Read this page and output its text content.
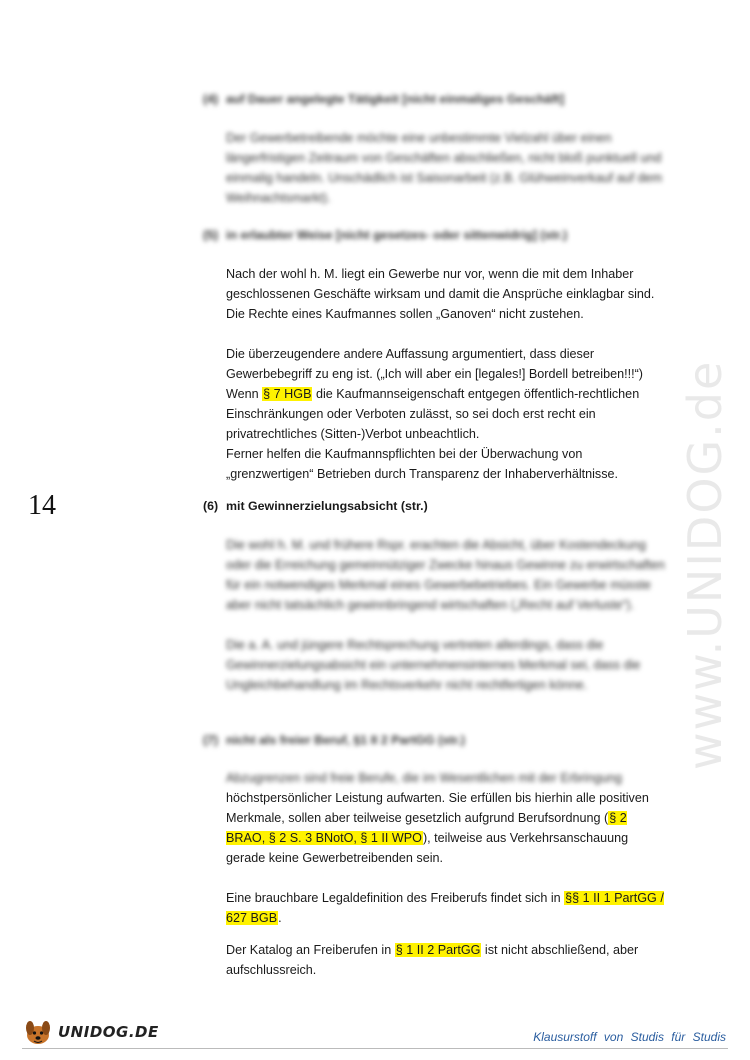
www.UNIDOG.de
14
(4) auf Dauer angelegte Tätigkeit [nicht einmaliges Geschäft]

Der Gewerbetreibende möchte eine unbestimmte Vielzahl über einen längerfristigen Zeitraum von Geschäften abschließen, nicht bloß punktuell und einmalig handeln. Unschädlich ist Saisonarbeit (z.B. Glühweinverkauf auf dem Weihnachtsmarkt).

(5) in erlaubter Weise [nicht gesetzes- oder sittenwidrig] (str.)

Nach der wohl h. M. liegt ein Gewerbe nur vor, wenn die mit dem Inhaber geschlossenen Geschäfte wirksam und damit die Ansprüche einklagbar sind. Die Rechte eines Kaufmannes sollen „Ganoven“ nicht zustehen.

Die überzeugendere andere Auffassung argumentiert, dass dieser Gewerbebegriff zu eng ist. („Ich will aber ein [legales!] Bordell betreiben!!!“) Wenn § 7 HGB die Kaufmannseigenschaft entgegen öffentlich-rechtlichen Einschränkungen oder Verboten zulässt, so sei doch erst recht ein privatrechtliches (Sitten-)Verbot unbeachtlich.

Ferner helfen die Kaufmannspflichten bei der Überwachung von „grenzwertigen“ Betrieben durch Transparenz der Inhaberverhältnisse.

(6) mit Gewinnerzielungsabsicht (str.)

Die wohl h. M. und frühere Rspr. erachten die Absicht, über Kostendeckung oder die Erreichung gemeinnütziger Zwecke hinaus Gewinne zu erwirtschaften für ein notwendiges Merkmal eines Gewerbebetriebes. Ein Gewerbe müsste aber nicht tatsächlich gewinnbringend wirtschaften („Recht auf Verluste“).

Die a. A. und jüngere Rechtsprechung vertreten allerdings, dass die Gewinnerzielungsabsicht ein unternehmensinternes Merkmal sei, dass die Ungleichbehandlung im Rechtsverkehr nicht rechtfertigen könne.

(7) nicht als freier Beruf, §1 II 2 PartGG (str.)

Abzugrenzen sind freie Berufe, die im Wesentlichen mit der Erbringung

höchstpersönlicher Leistung aufwarten. Sie erfüllen bis hierhin alle positiven Merkmale, sollen aber teilweise gesetzlich aufgrund Berufsordnung (§ 2 BRAO, § 2 S. 3 BNotO, § 1 II WPO), teilweise aus Verkehrsanschauung gerade keine Gewerbetreibenden sein.

Eine brauchbare Legaldefinition des Freiberufs findet sich in §§ 1 II 1 PartGG / 627 BGB.

Der Katalog an Freiberufen in § 1 II 2 PartGG ist nicht abschließend, aber aufschlussreich.

UNIDOG.DE	Klausurstoff von Studis für Studis
